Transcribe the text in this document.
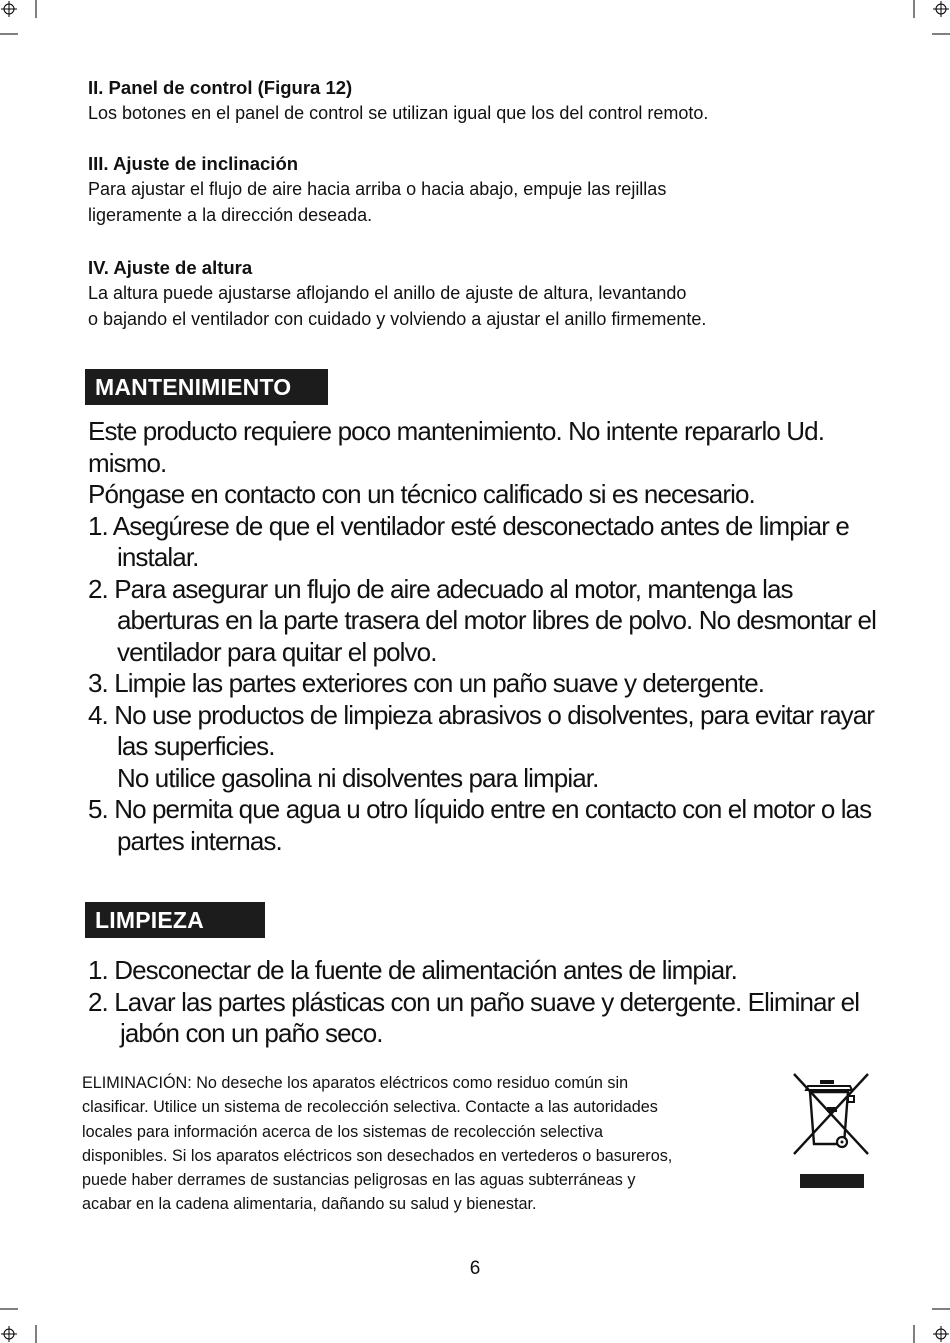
II. Panel de control (Figura 12)
Los botones en el panel de control se utilizan igual que los del control remoto.
III. Ajuste de inclinación
Para ajustar el flujo de aire hacia arriba o hacia abajo, empuje las rejillas
ligeramente a la dirección deseada.
IV. Ajuste de altura
La altura puede ajustarse aflojando el anillo de ajuste de altura, levantando
o bajando el ventilador con cuidado y volviendo a ajustar el anillo firmemente.
MANTENIMIENTO
Este producto requiere poco mantenimiento. No intente repararlo Ud.
mismo.
Póngase en contacto con un técnico calificado si es necesario.
1. Asegúrese de que el ventilador esté desconectado antes de limpiar e
instalar.
2. Para asegurar un flujo de aire adecuado al motor, mantenga las
aberturas en la parte trasera del motor libres de polvo. No desmontar el
ventilador para quitar el polvo.
3. Limpie las partes exteriores con un paño suave y detergente.
4. No use productos de limpieza abrasivos o disolventes, para evitar rayar
las superficies.
No utilice gasolina ni disolventes para limpiar.
5. No permita que agua u otro líquido entre en contacto con el motor o las
partes internas.
LIMPIEZA
1. Desconectar de la fuente de alimentación antes de limpiar.
2. Lavar las partes plásticas con un paño suave y detergente. Eliminar el
jabón con un paño seco.
ELIMINACIÓN: No deseche los aparatos eléctricos como residuo común sin
clasificar. Utilice un sistema de recolección selectiva. Contacte a las autoridades
locales para información acerca de los sistemas de recolección selectiva
disponibles. Si los aparatos eléctricos son desechados en vertederos o basureros,
puede haber derrames de sustancias peligrosas en las aguas subterráneas y
acabar en la cadena alimentaria, dañando su salud y bienestar.
6
